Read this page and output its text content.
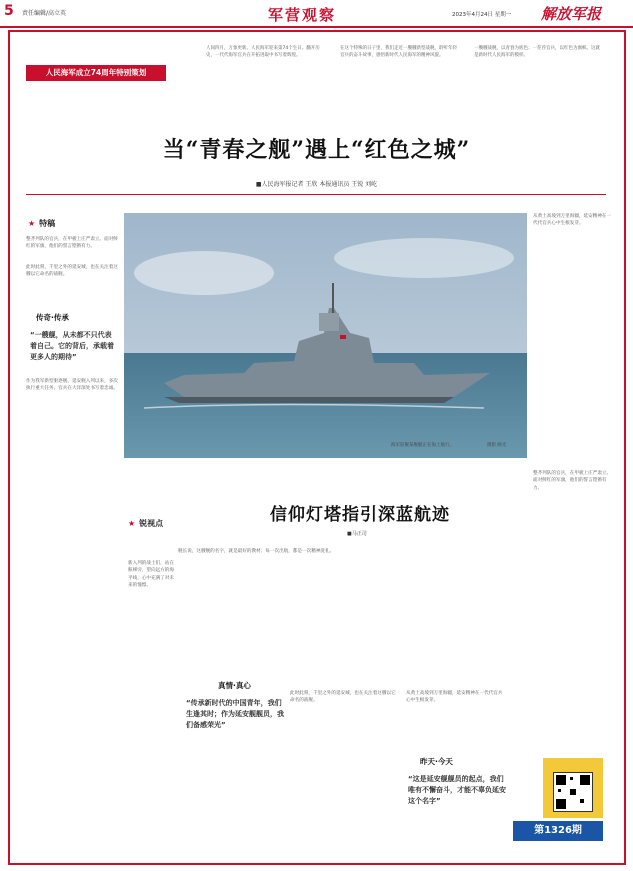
5 责任编辑/高立英	军营观察	2023年4月24日 星期一 解放军报
人民海军成立74周年特别策划
人间四月，万象更新。人民海军迎来第74个生日。翻开历史，一代代海军官兵在开拓进取中书写着辉煌。
在这个特殊的日子里，我们走近一艘艘新型战舰，聆听年轻官兵的奋斗故事，感悟新时代人民海军的精神风貌。
一艘艘战舰，以青春为底色；一茬茬官兵，以红色为旗帜。这就是新时代人民海军的模样。
当“青春之舰”遇上“红色之城”
■人民海军报记者 王欣 本报通讯员 王锐 刘屹
★ 特稿
整齐列队的官兵，在甲板上庄严肃立。面对鲜红的军旗，他们的誓言铿锵有力。
此时此刻，千里之外的延安城，也在关注着这艘以它命名的战舰。
传奇·传承
“一艘舰，从未都不只代表着自己。它的背后，承载着更多人的期待”
作为我军新型驱逐舰，延安舰入列以来，多次执行重大任务，官兵在大洋深处书写着忠诚。
海军驻舰某舰艇正在海上航行。	摄影 顾光
从黄土高坡到万里海疆，延安精神在一代代官兵心中生根发芽。
★ 锐视点	信仰灯塔指引深蓝航迹
■马正司
舰长说，这艘舰的名字，就是最好的教材；每一次出航，都是一次精神洗礼。
真情·真心
“传承新时代的中国青年，我们生逢其时；作为延安舰舰员，我们备感荣光”
新入列的战士们，站在舷梯旁，望向远方的海平线，心中充满了对未来的憧憬。
此时此刻，千里之外的延安城，也在关注着这艘以它命名的战舰。
从黄土高坡到万里海疆，延安精神在一代代官兵心中生根发芽。
昨天·今天
“这是延安舰舰员的起点，我们唯有不懈奋斗，才能不辜负延安这个名字”
整齐列队的官兵，在甲板上庄严肃立。面对鲜红的军旗，他们的誓言铿锵有力。
第1326期
